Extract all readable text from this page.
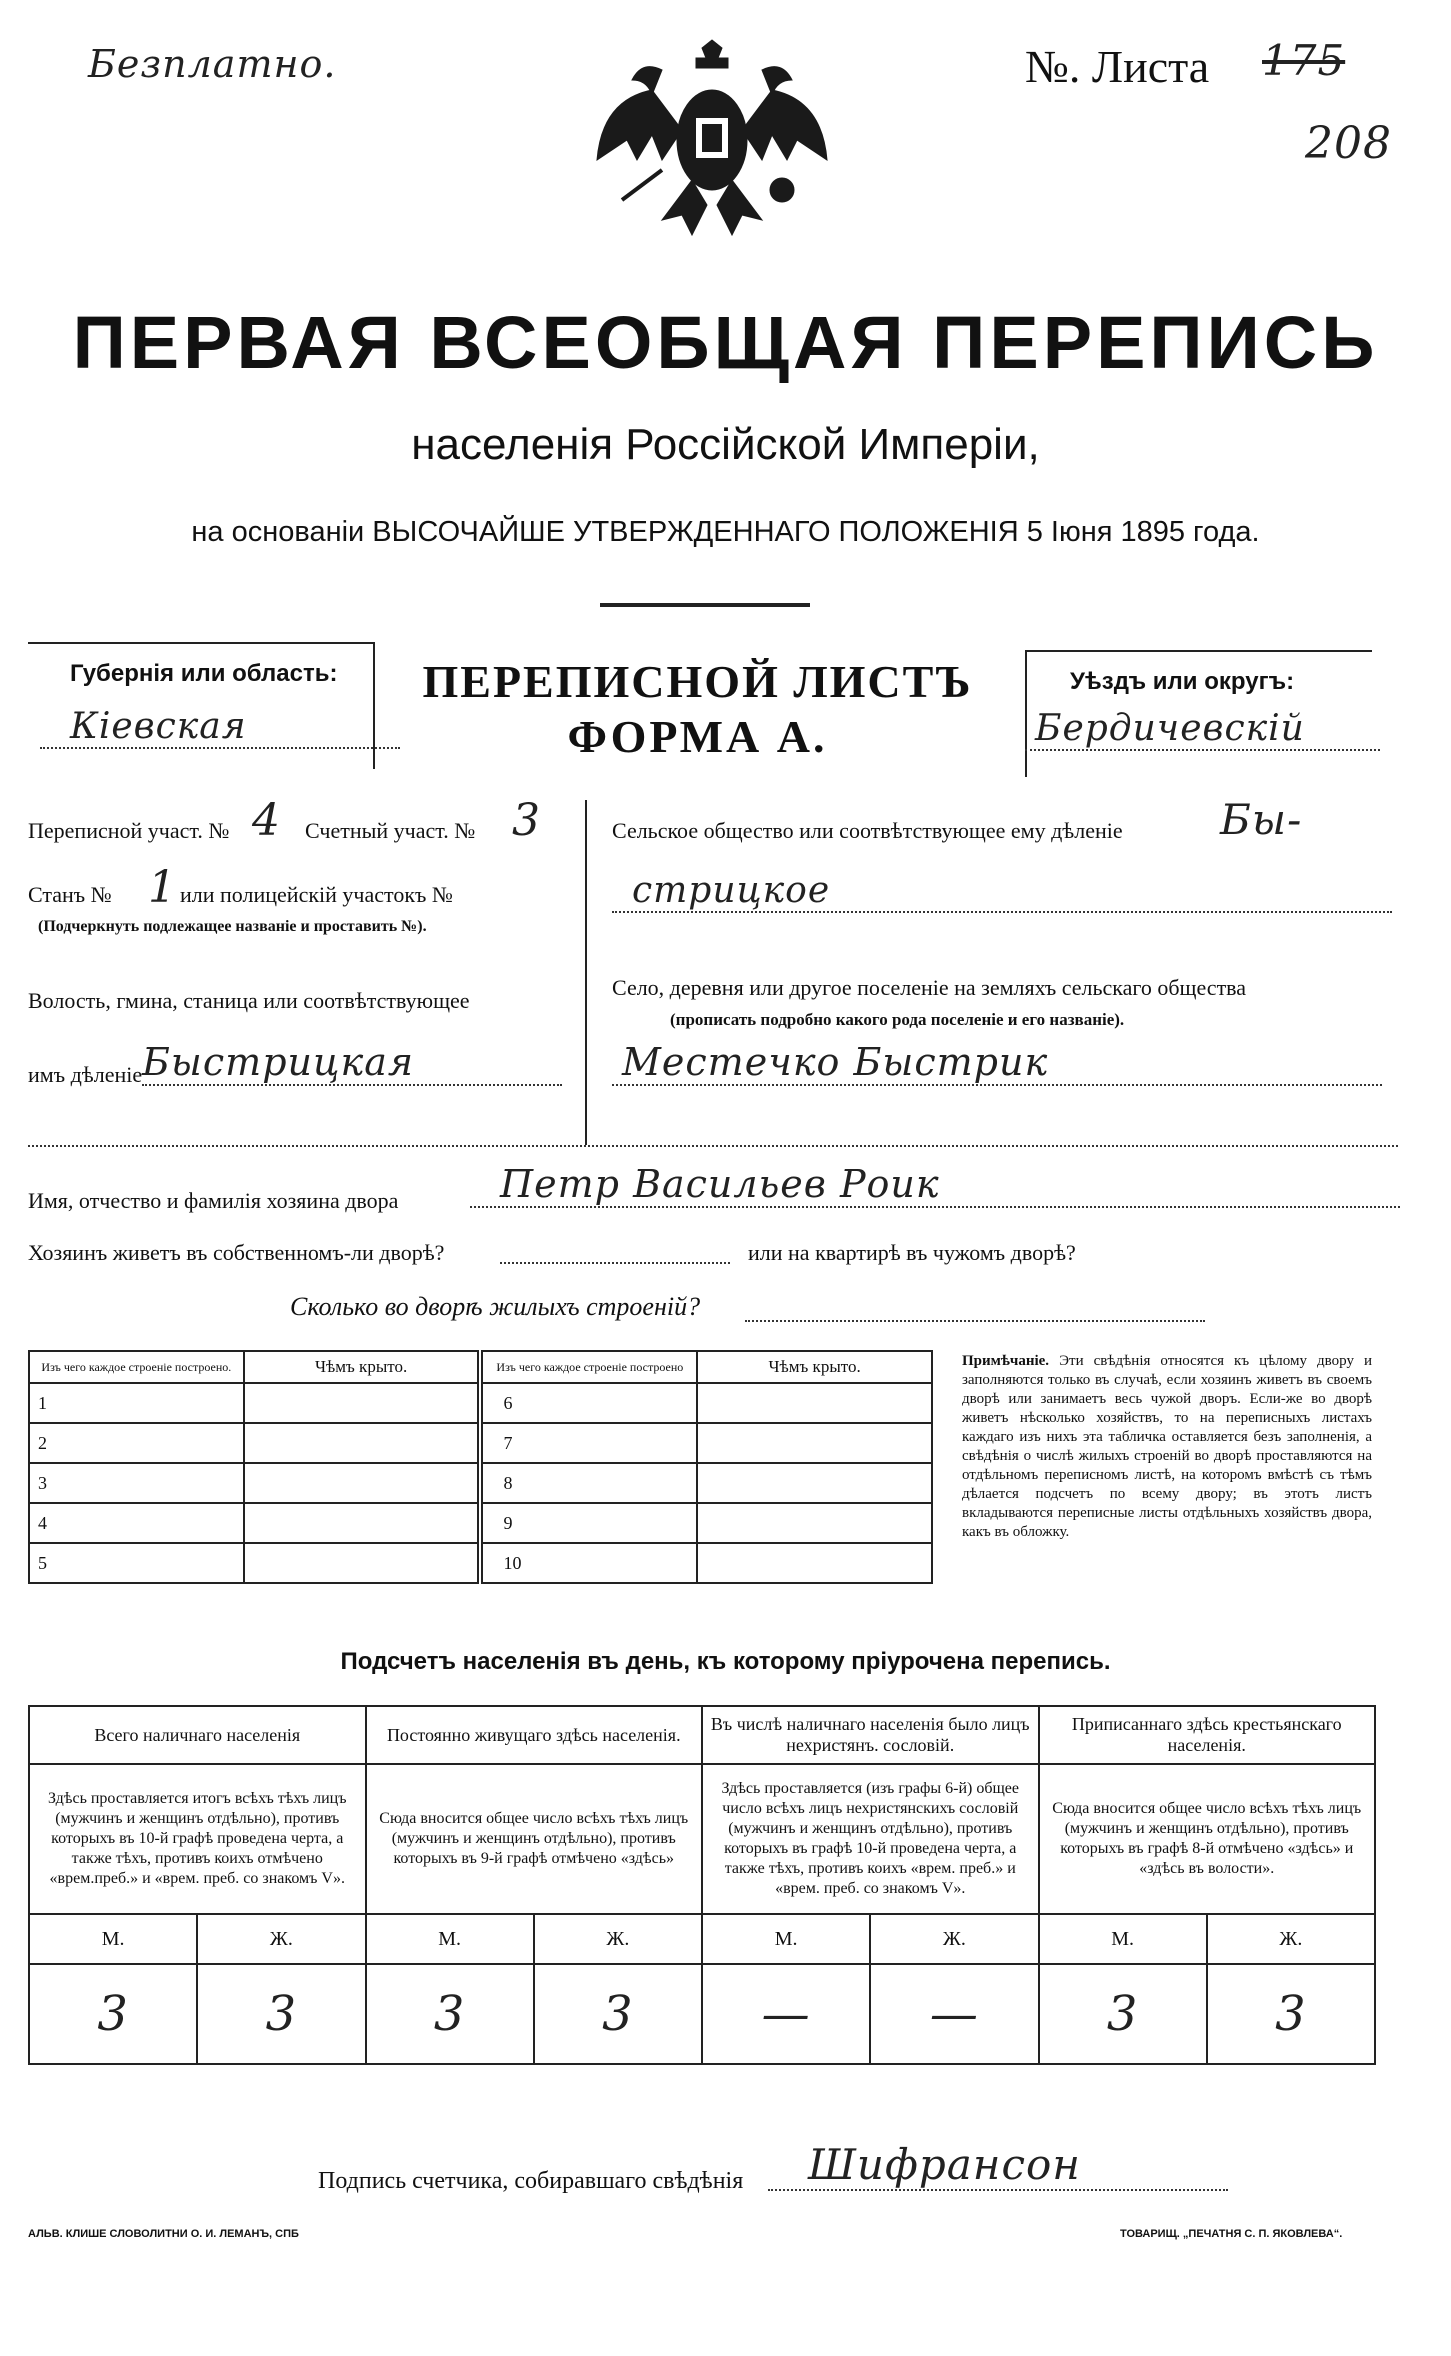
Безплатно.	№. Листа 175
208
ПЕРВАЯ ВСЕОБЩАЯ ПЕРЕПИСЬ
населенія Россійской Имперіи,
на основаніи ВЫСОЧАЙШЕ УТВЕРЖДЕННАГО ПОЛОЖЕНІЯ 5 Іюня 1895 года.
Губернія или область:
Кіевская
ПЕРЕПИСНОЙ ЛИСТЪ
ФОРМА А.
Уѣздъ или округъ:
Бердичевскій
Переписной участ. № 4 Счетный участ. № 3
Станъ № 1 или полицейскій участокъ №
(Подчеркнуть подлежащее названіе и проставить №).
Волость, гмина, станица или соотвѣтствующее
имъ дѣленіе Быстрицкая
Сельское общество или соотвѣтствующее ему дѣленіе Бы-
стрицкое
Село, деревня или другое поселеніе на земляхъ сельскаго общества
(прописать подробно какого рода поселеніе и его названіе).
Местечко Быстрик
Имя, отчество и фамилія хозяина двора	Петр Васильев Роик
Хозяинъ живетъ въ собственномъ-ли дворѣ?	или на квартирѣ въ чужомъ дворѣ?
Сколько во дворѣ жилыхъ строеній?
Изъ чего каждое строеніе построено.	Чѣмъ крыто.	Изъ чего каждое строеніе построено	Чѣмъ крыто.
1		6	
2		7	
3		8	
4		9	
5		10	
Примѣчаніе. Эти свѣдѣнія относятся къ цѣлому двору и заполняются только въ случаѣ, если хозяинъ живетъ въ своемъ дворѣ или занимаетъ весь чужой дворъ. Если-же во дворѣ живетъ нѣсколько хозяйствъ, то на переписныхъ листахъ каждаго изъ нихъ эта табличка оставляется безъ заполненія, а свѣдѣнія о числѣ жилыхъ строеній во дворѣ проставляются на отдѣльномъ переписномъ листѣ, на которомъ вмѣстѣ съ тѣмъ дѣлается подсчетъ по всему двору; въ этотъ листъ вкладываются переписные листы отдѣльныхъ хозяйствъ двора, какъ въ обложку.
Подсчетъ населенія въ день, къ которому пріурочена перепись.
Всего наличнаго населенія		Постоянно живущаго здѣсь населенія.		Въ числѣ наличнаго населенія было лицъ нехристянъ. сословій.		Приписаннаго здѣсь крестьянскаго населенія.	
Здѣсь проставляется итогъ всѣхъ тѣхъ лицъ (мужчинъ и женщинъ отдѣльно), противъ которыхъ въ 10-й графѣ проведена черта, а также тѣхъ, противъ коихъ отмѣчено «врем.преб.» и «врем. преб. со знакомъ V».		Сюда вносится общее число всѣхъ тѣхъ лицъ (мужчинъ и женщинъ отдѣльно), противъ которыхъ въ 9-й графѣ отмѣчено «здѣсь»		Здѣсь проставляется (изъ графы 6-й) общее число всѣхъ лицъ нехристянскихъ сословій (мужчинъ и женщинъ отдѣльно), противъ которыхъ въ графѣ 10-й проведена черта, а также тѣхъ, противъ коихъ «врем. преб.» и «врем. преб. со знакомъ V».		Сюда вносится общее число всѣхъ тѣхъ лицъ (мужчинъ и женщинъ отдѣльно), противъ которыхъ въ графѣ 8-й отмѣчено «здѣсь» и «здѣсь въ волости».	
М.	Ж.	М.	Ж.	М.	Ж.	М.	Ж.
3	3	3	3	—	—	3	3
Подпись счетчика, собиравшаго свѣдѣнія	Шифрансон
АЛЬВ. КЛИШЕ СЛОВОЛИТНИ О. И. ЛЕМАНЪ, СПБ	ТОВАРИЩ. „ПЕЧАТНЯ С. П. ЯКОВЛЕВА“.
